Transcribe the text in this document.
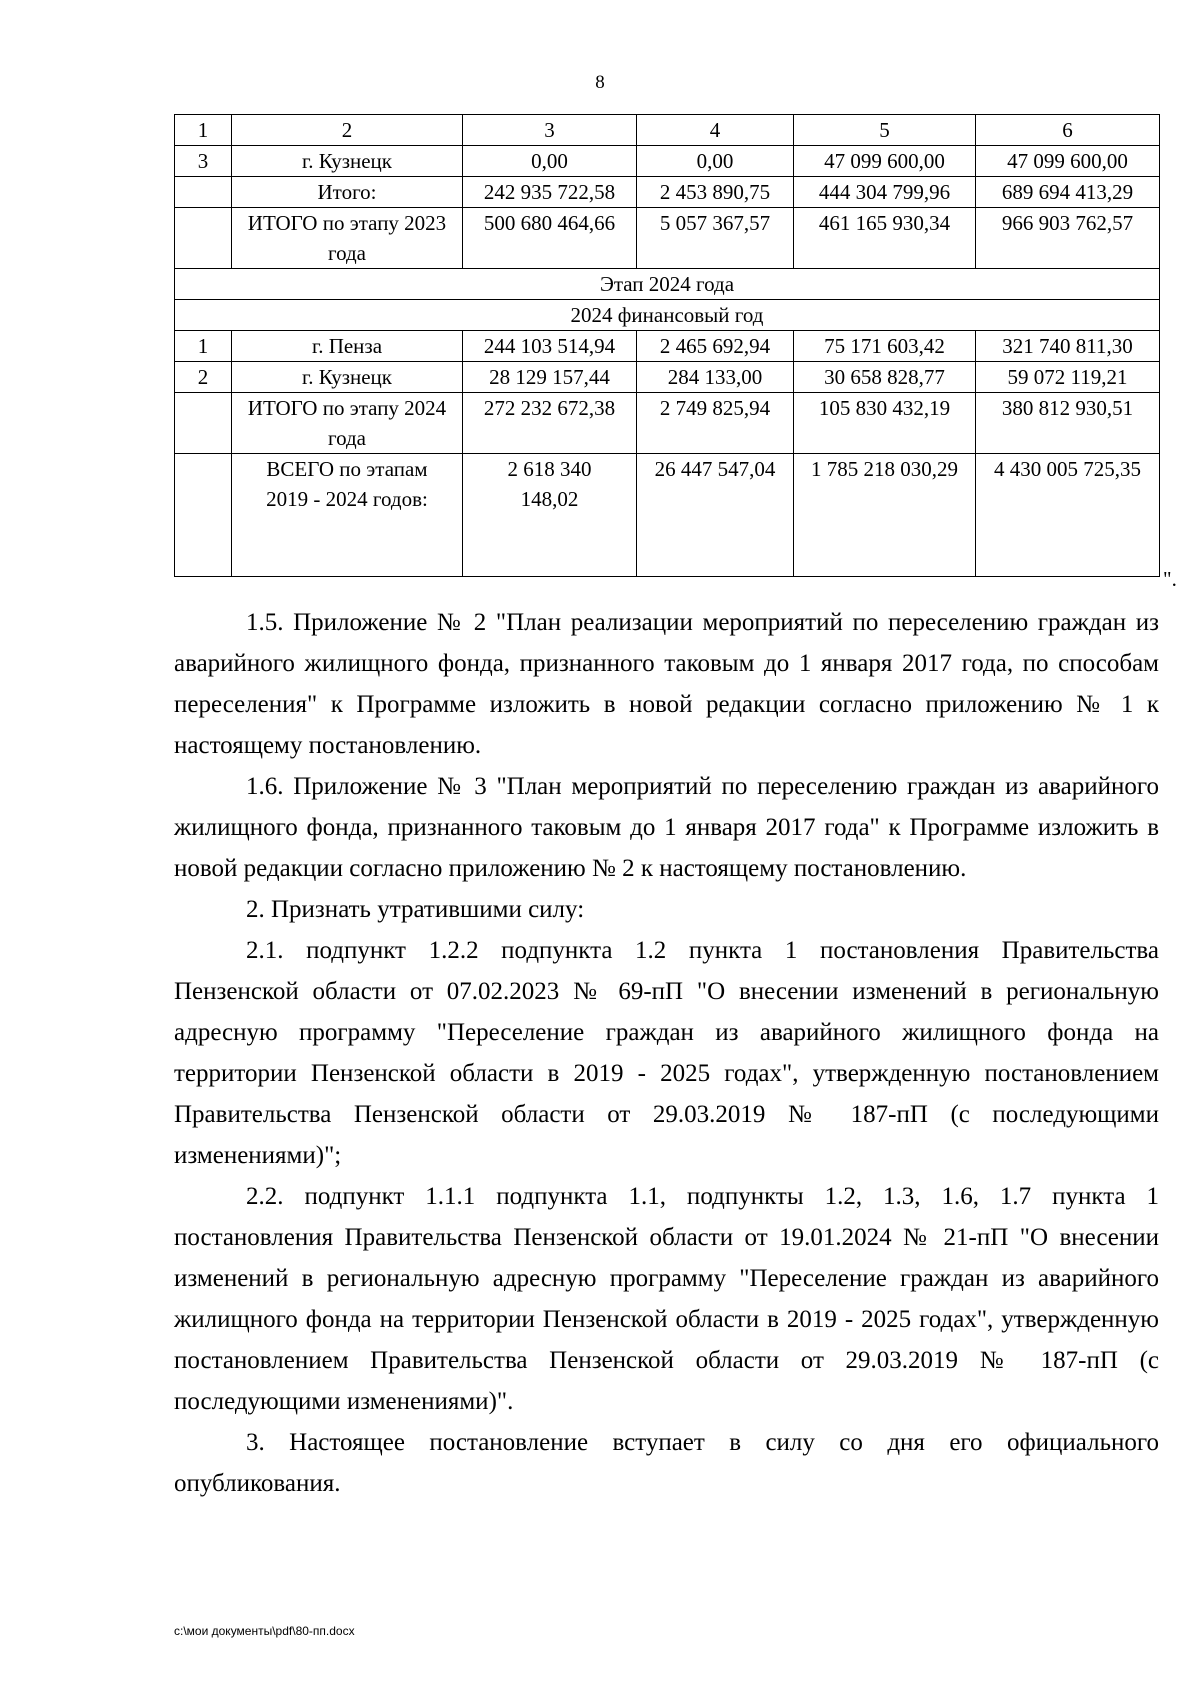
8
1	2	3	4	5	6
3	г. Кузнецк	0,00	0,00	47 099 600,00	47 099 600,00
	Итого:	242 935 722,58	2 453 890,75	444 304 799,96	689 694 413,29
	ИТОГО по этапу 2023 года	500 680 464,66	5 057 367,57	461 165 930,34	966 903 762,57
Этап 2024 года					
2024 финансовый год					
1	г. Пенза	244 103 514,94	2 465 692,94	75 171 603,42	321 740 811,30
2	г. Кузнецк	28 129 157,44	284 133,00	30 658 828,77	59 072 119,21
	ИТОГО по этапу 2024 года	272 232 672,38	2 749 825,94	105 830 432,19	380 812 930,51
	ВСЕГО по этапам 2019 - 2024 годов:	2 618 340 148,02	26 447 547,04	1 785 218 030,29	4 430 005 725,35
".

1.5. Приложение № 2 "План реализации мероприятий по переселению граждан из аварийного жилищного фонда, признанного таковым до 1 января 2017 года, по способам переселения" к Программе изложить в новой редакции согласно приложению № 1 к настоящему постановлению.

1.6. Приложение № 3 "План мероприятий по переселению граждан из аварийного жилищного фонда, признанного таковым до 1 января 2017 года" к Программе изложить в новой редакции согласно приложению № 2 к настоящему постановлению.

2. Признать утратившими силу:

2.1. подпункт 1.2.2 подпункта 1.2 пункта 1 постановления Правительства Пензенской области от 07.02.2023 № 69-пП "О внесении изменений в региональную адресную программу "Переселение граждан из аварийного жилищного фонда на территории Пензенской области в 2019 - 2025 годах", утвержденную постановлением Правительства Пензенской области от 29.03.2019 № 187-пП (с последующими изменениями)";

2.2. подпункт 1.1.1 подпункта 1.1, подпункты 1.2, 1.3, 1.6, 1.7 пункта 1 постановления Правительства Пензенской области от 19.01.2024 № 21-пП "О внесении изменений в региональную адресную программу "Переселение граждан из аварийного жилищного фонда на территории Пензенской области в 2019 - 2025 годах", утвержденную постановлением Правительства Пензенской области от 29.03.2019 № 187-пП (с последующими изменениями)".

3. Настоящее постановление вступает в силу со дня его официального опубликования.

c:\мои документы\pdf\80-пп.docx
